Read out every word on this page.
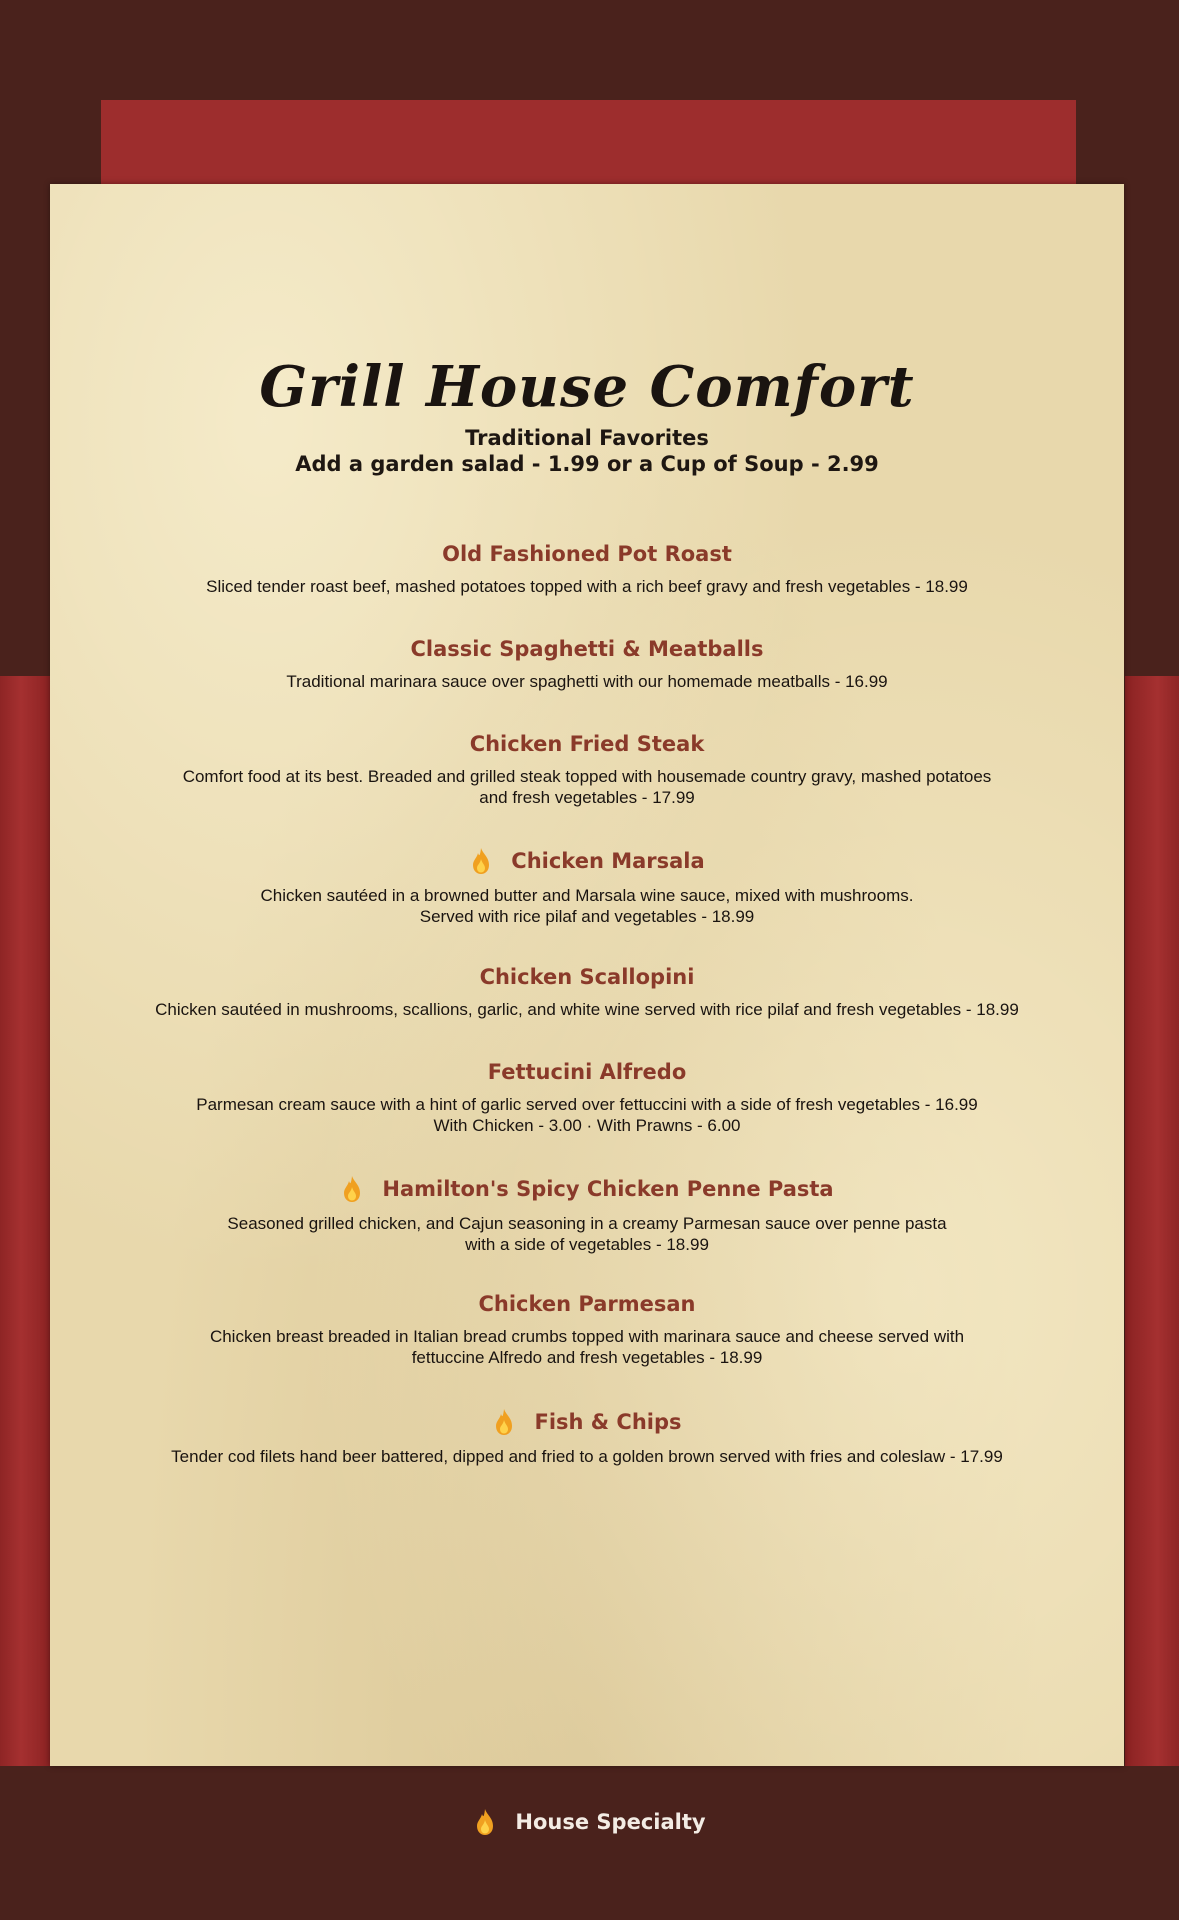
Grill House Comfort
Traditional Favorites
Add a garden salad - 1.99 or a Cup of Soup - 2.99
Old Fashioned Pot Roast
Sliced tender roast beef, mashed potatoes topped with a rich beef gravy and fresh vegetables - 18.99
Classic Spaghetti & Meatballs
Traditional marinara sauce over spaghetti with our homemade meatballs - 16.99
Chicken Fried Steak
Comfort food at its best. Breaded and grilled steak topped with housemade country gravy, mashed potatoes
and fresh vegetables - 17.99
Chicken Marsala
Chicken sautéed in a browned butter and Marsala wine sauce, mixed with mushrooms.
Served with rice pilaf and vegetables - 18.99
Chicken Scallopini
Chicken sautéed in mushrooms, scallions, garlic, and white wine served with rice pilaf and fresh vegetables - 18.99
Fettucini Alfredo
Parmesan cream sauce with a hint of garlic served over fettuccini with a side of fresh vegetables - 16.99
With Chicken - 3.00 · With Prawns - 6.00
Hamilton's Spicy Chicken Penne Pasta
Seasoned grilled chicken, and Cajun seasoning in a creamy Parmesan sauce over penne pasta
with a side of vegetables - 18.99
Chicken Parmesan
Chicken breast breaded in Italian bread crumbs topped with marinara sauce and cheese served with
fettuccine Alfredo and fresh vegetables - 18.99
Fish & Chips
Tender cod filets hand beer battered, dipped and fried to a golden brown served with fries and coleslaw - 17.99
House Specialty
